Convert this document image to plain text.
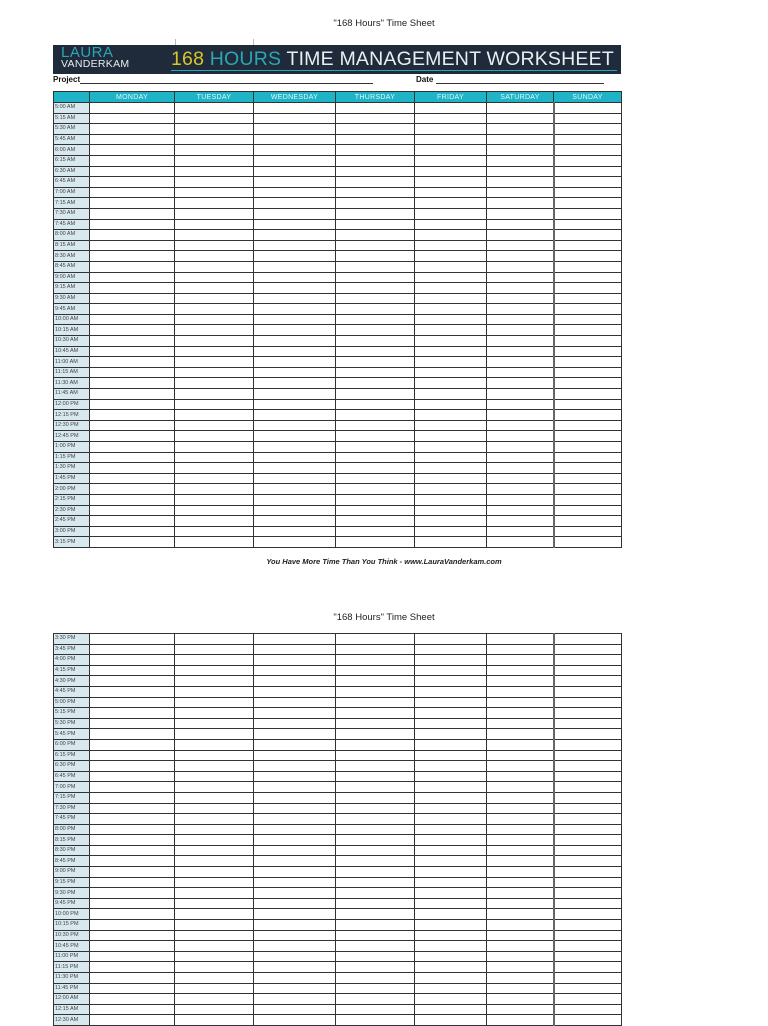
"168 Hours" Time Sheet
LAURA
VANDERKAM 168 HOURS TIME MANAGEMENT WORKSHEET
Project	Date
	MONDAY	TUESDAY	WEDNESDAY	THURSDAY	FRIDAY	SATURDAY	SUNDAY
5:00 AM							
5:15 AM							
5:30 AM							
5:45 AM							
6:00 AM							
6:15 AM							
6:30 AM							
6:45 AM							
7:00 AM							
7:15 AM							
7:30 AM							
7:45 AM							
8:00 AM							
8:15 AM							
8:30 AM							
8:45 AM							
9:00 AM							
9:15 AM							
9:30 AM							
9:45 AM							
10:00 AM							
10:15 AM							
10:30 AM							
10:45 AM							
11:00 AM							
11:15 AM							
11:30 AM							
11:45 AM							
12:00 PM							
12:15 PM							
12:30 PM							
12:45 PM							
1:00 PM							
1:15 PM							
1:30 PM							
1:45 PM							
2:00 PM							
2:15 PM							
2:30 PM							
2:45 PM							
3:00 PM							
3:15 PM							
You Have More Time Than You Think - www.LauraVanderkam.com
"168 Hours" Time Sheet
3:30 PM							
3:45 PM							
4:00 PM							
4:15 PM							
4:30 PM							
4:45 PM							
5:00 PM							
5:15 PM							
5:30 PM							
5:45 PM							
6:00 PM							
6:15 PM							
6:30 PM							
6:45 PM							
7:00 PM							
7:15 PM							
7:30 PM							
7:45 PM							
8:00 PM							
8:15 PM							
8:30 PM							
8:45 PM							
9:00 PM							
9:15 PM							
9:30 PM							
9:45 PM							
10:00 PM							
10:15 PM							
10:30 PM							
10:45 PM							
11:00 PM							
11:15 PM							
11:30 PM							
11:45 PM							
12:00 AM							
12:15 AM							
12:30 AM							
